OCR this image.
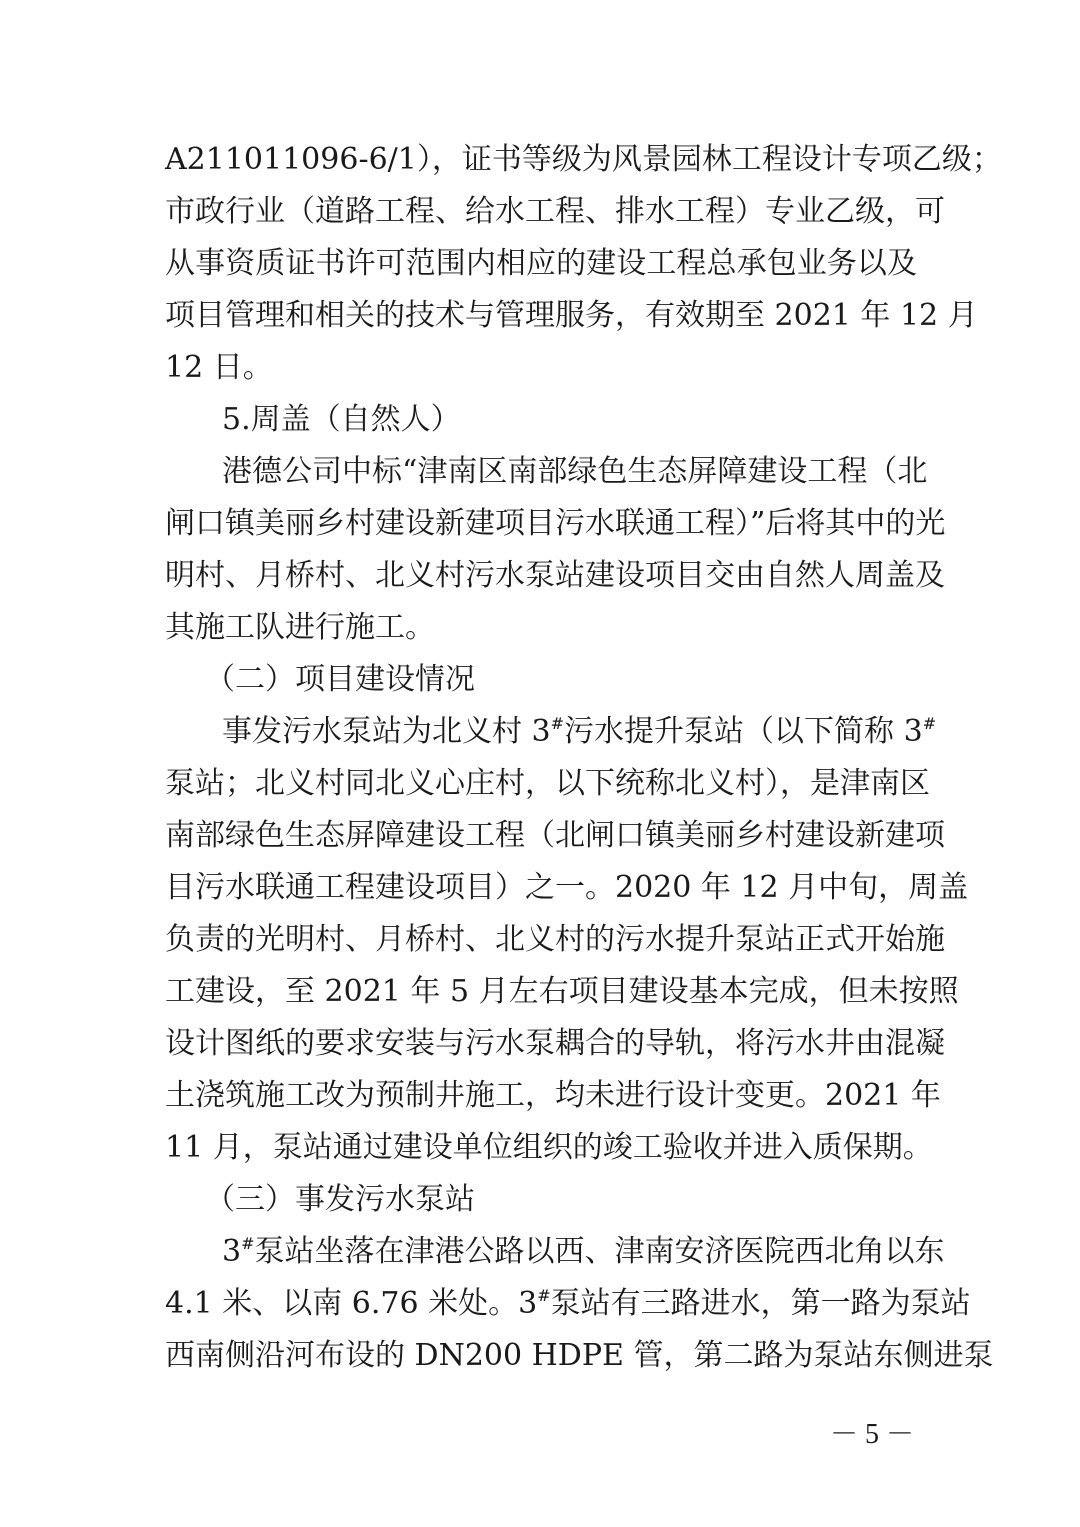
A211011096-6/1），证书等级为风景园林工程设计专项乙级；
市政行业（道路工程、给水工程、排水工程）专业乙级，可
从事资质证书许可范围内相应的建设工程总承包业务以及
项目管理和相关的技术与管理服务，有效期至 2021 年 12 月
12 日。
5.周盖（自然人）
港德公司中标“津南区南部绿色生态屏障建设工程（北
闸口镇美丽乡村建设新建项目污水联通工程）”后将其中的光
明村、月桥村、北义村污水泵站建设项目交由自然人周盖及
其施工队进行施工。
（二）项目建设情况
事发污水泵站为北义村 3#污水提升泵站（以下简称 3#
泵站；北义村同北义心庄村，以下统称北义村），是津南区
南部绿色生态屏障建设工程（北闸口镇美丽乡村建设新建项
目污水联通工程建设项目）之一。2020 年 12 月中旬，周盖
负责的光明村、月桥村、北义村的污水提升泵站正式开始施
工建设，至 2021 年 5 月左右项目建设基本完成，但未按照
设计图纸的要求安装与污水泵耦合的导轨，将污水井由混凝
土浇筑施工改为预制井施工，均未进行设计变更。2021 年
11 月，泵站通过建设单位组织的竣工验收并进入质保期。
（三）事发污水泵站
3#泵站坐落在津港公路以西、津南安济医院西北角以东
4.1 米、以南 6.76 米处。3#泵站有三路进水，第一路为泵站
西南侧沿河布设的 DN200 HDPE 管，第二路为泵站东侧进泵
－ 5 －
